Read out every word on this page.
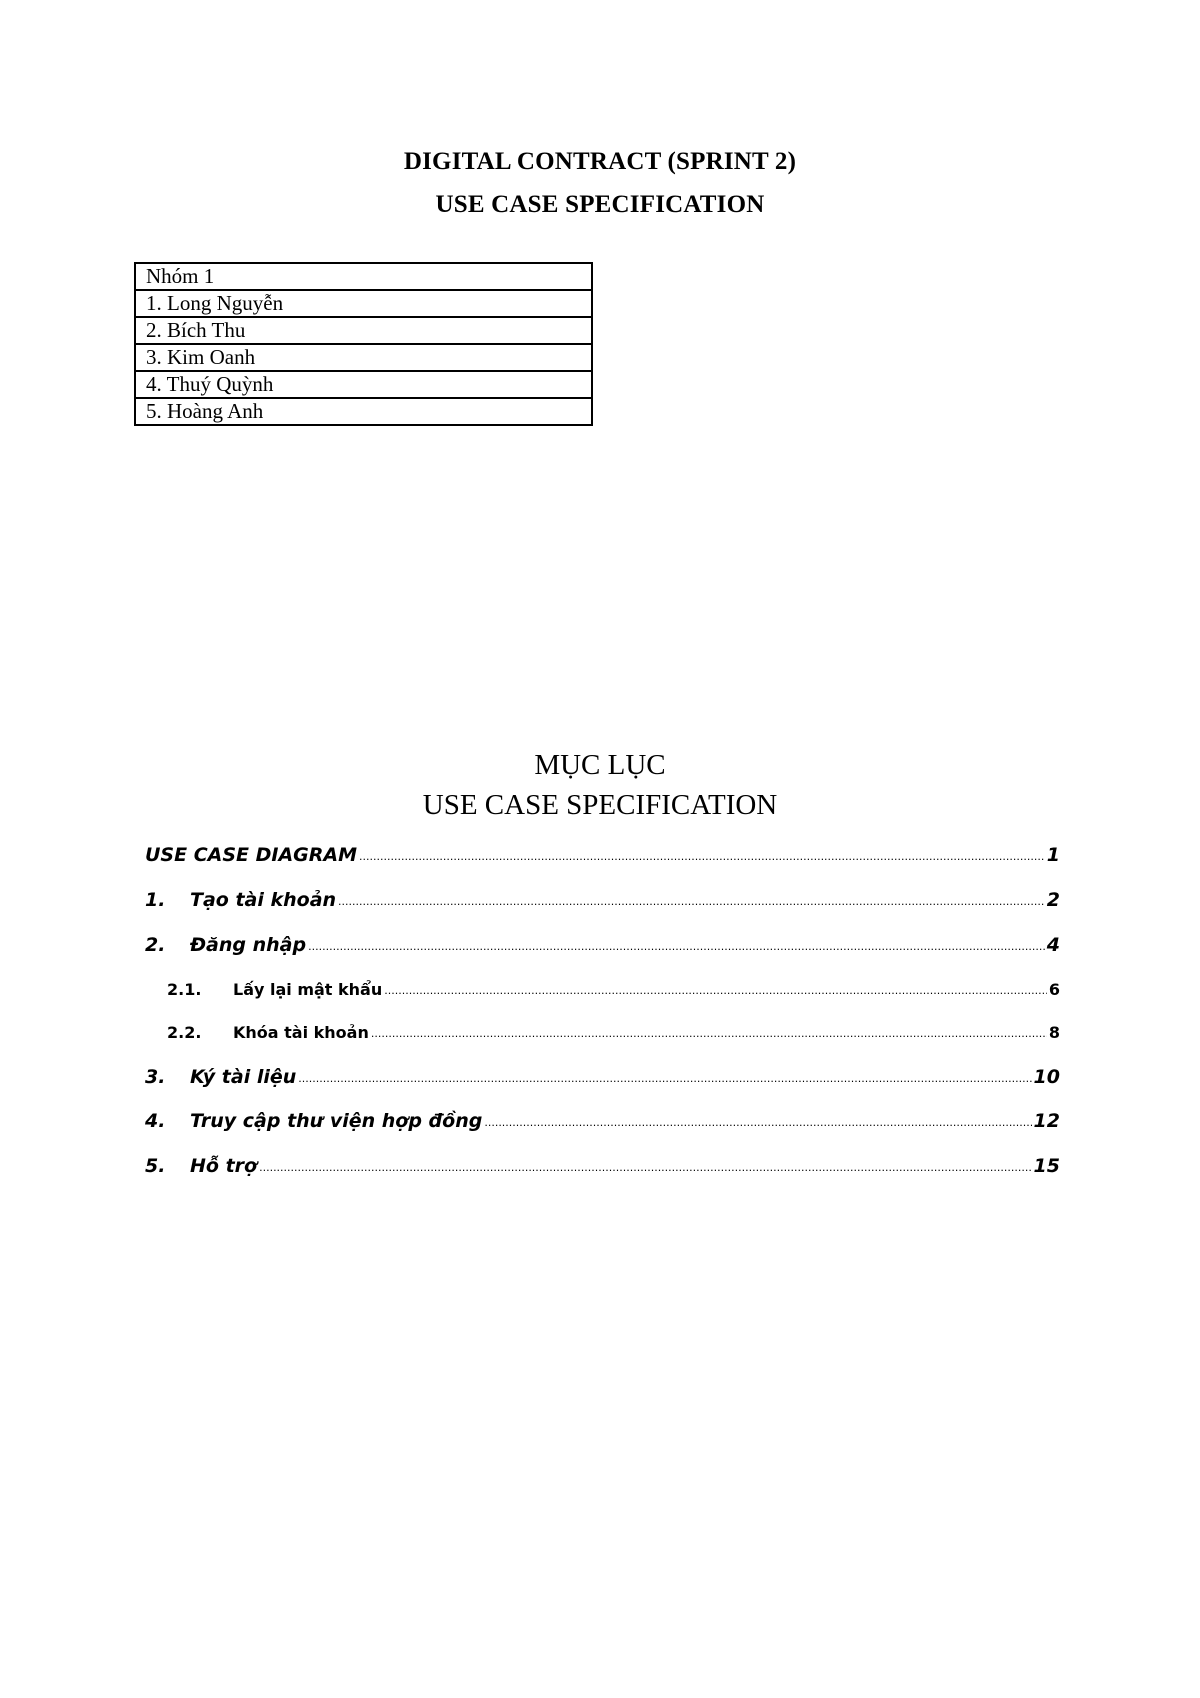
DIGITAL CONTRACT (SPRINT 2)
USE CASE SPECIFICATION
Nhóm 1
1. Long Nguyễn
2. Bích Thu
3. Kim Oanh
4. Thuý Quỳnh
5. Hoàng Anh
MỤC LỤC
USE CASE SPECIFICATION
USE CASE DIAGRAM .....	1
1.	Tạo tài khoản .....	2
2.	Đăng nhập .....	4
2.1.	Lấy lại mật khẩu .....	6
2.2.	Khóa tài khoản .....	8
3.	Ký tài liệu .....	10
4.	Truy cập thư viện hợp đồng .....	12
5.	Hỗ trợ .....	15
